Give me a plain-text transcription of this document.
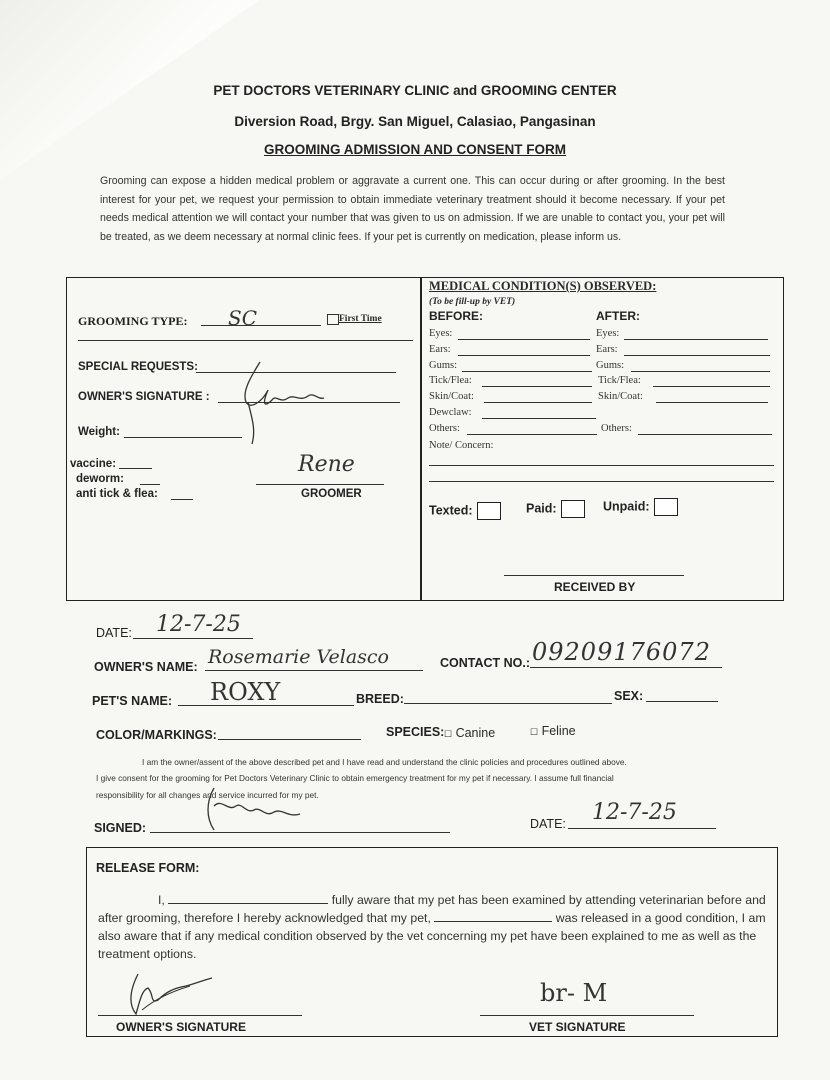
PET DOCTORS VETERINARY CLINIC and GROOMING CENTER
Diversion Road, Brgy. San Miguel, Calasiao, Pangasinan
GROOMING ADMISSION AND CONSENT FORM
Grooming can expose a hidden medical problem or aggravate a current one. This can occur during or after grooming. In the best interest for your pet, we request your permission to obtain immediate veterinary treatment should it become necessary. If your pet needs medical attention we will contact your number that was given to us on admission. If we are unable to contact you, your pet will be treated, as we deem necessary at normal clinic fees. If your pet is currently on medication, please inform us.
GROOMING TYPE: SC	First Time
SPECIAL REQUESTS:
OWNER'S SIGNATURE :
Weight:
vaccine:
deworm:
anti tick & flea:
Rene
GROOMER
MEDICAL CONDITION(S) OBSERVED:
(To be fill-up by VET)
BEFORE:	AFTER:
Eyes:	Eyes:
Ears:	Ears:
Gums:	Gums:
Tick/Flea:	Tick/Flea:
Skin/Coat:	Skin/Coat:
Dewclaw:
Others:	Others:
Note/ Concern:
Texted:	Paid:	Unpaid:
RECEIVED BY
DATE: 12-7-25
OWNER'S NAME: Rosemarie Velasco	CONTACT NO.: 09209176072
PET'S NAME: ROXY	BREED:	SEX:
COLOR/MARKINGS:	SPECIES: ☐ Canine	☐ Feline
I am the owner/assent of the above described pet and I have read and understand the clinic policies and procedures outlined above.
I give consent for the grooming for Pet Doctors Veterinary Clinic to obtain emergency treatment for my pet if necessary. I assume full financial
responsibility for all changes and service incurred for my pet.
SIGNED:	DATE: 12-7-25
RELEASE FORM:
I,	fully aware that my pet has been examined by attending veterinarian before and after grooming, therefore I hereby acknowledged that my pet,	was released in a good condition, I am also aware that if any medical condition observed by the vet concerning my pet have been explained to me as well as the treatment options.
OWNER'S SIGNATURE
br- M
VET SIGNATURE
